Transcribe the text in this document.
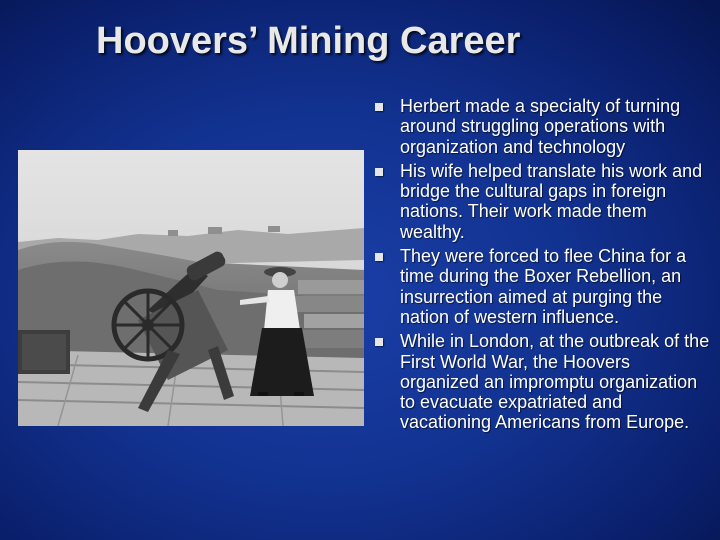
Hoovers’ Mining Career
Herbert made a specialty of turning around struggling operations with organization and technology
His wife helped translate his work and bridge the cultural gaps in foreign nations. Their work made them wealthy.
They were forced to flee China for a time during the Boxer Rebellion, an insurrection aimed at purging the nation of western influence.
While in London, at the outbreak of the First World War, the Hoovers organized an impromptu organization to evacuate expatriated and vacationing Americans from Europe.
